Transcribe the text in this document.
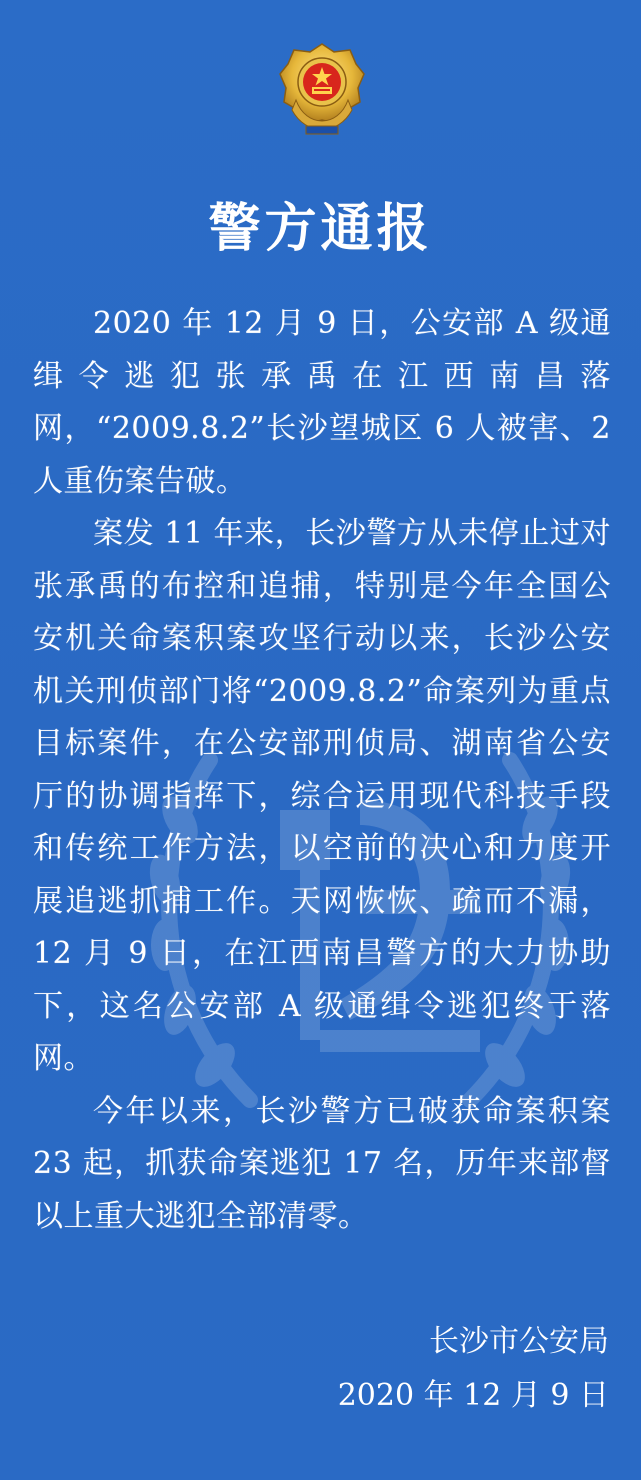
警方通报

2020 年 12 月 9 日，公安部 A 级通缉令逃犯张承禹在江西南昌落网，“2009.8.2”长沙望城区 6 人被害、2 人重伤案告破。

案发 11 年来，长沙警方从未停止过对张承禹的布控和追捕，特别是今年全国公安机关命案积案攻坚行动以来，长沙公安机关刑侦部门将“2009.8.2”命案列为重点目标案件，在公安部刑侦局、湖南省公安厅的协调指挥下，综合运用现代科技手段和传统工作方法，以空前的决心和力度开展追逃抓捕工作。天网恢恢、疏而不漏，12 月 9 日，在江西南昌警方的大力协助下，这名公安部 A 级通缉令逃犯终于落网。

今年以来，长沙警方已破获命案积案 23 起，抓获命案逃犯 17 名，历年来部督以上重大逃犯全部清零。

长沙市公安局
2020 年 12 月 9 日
